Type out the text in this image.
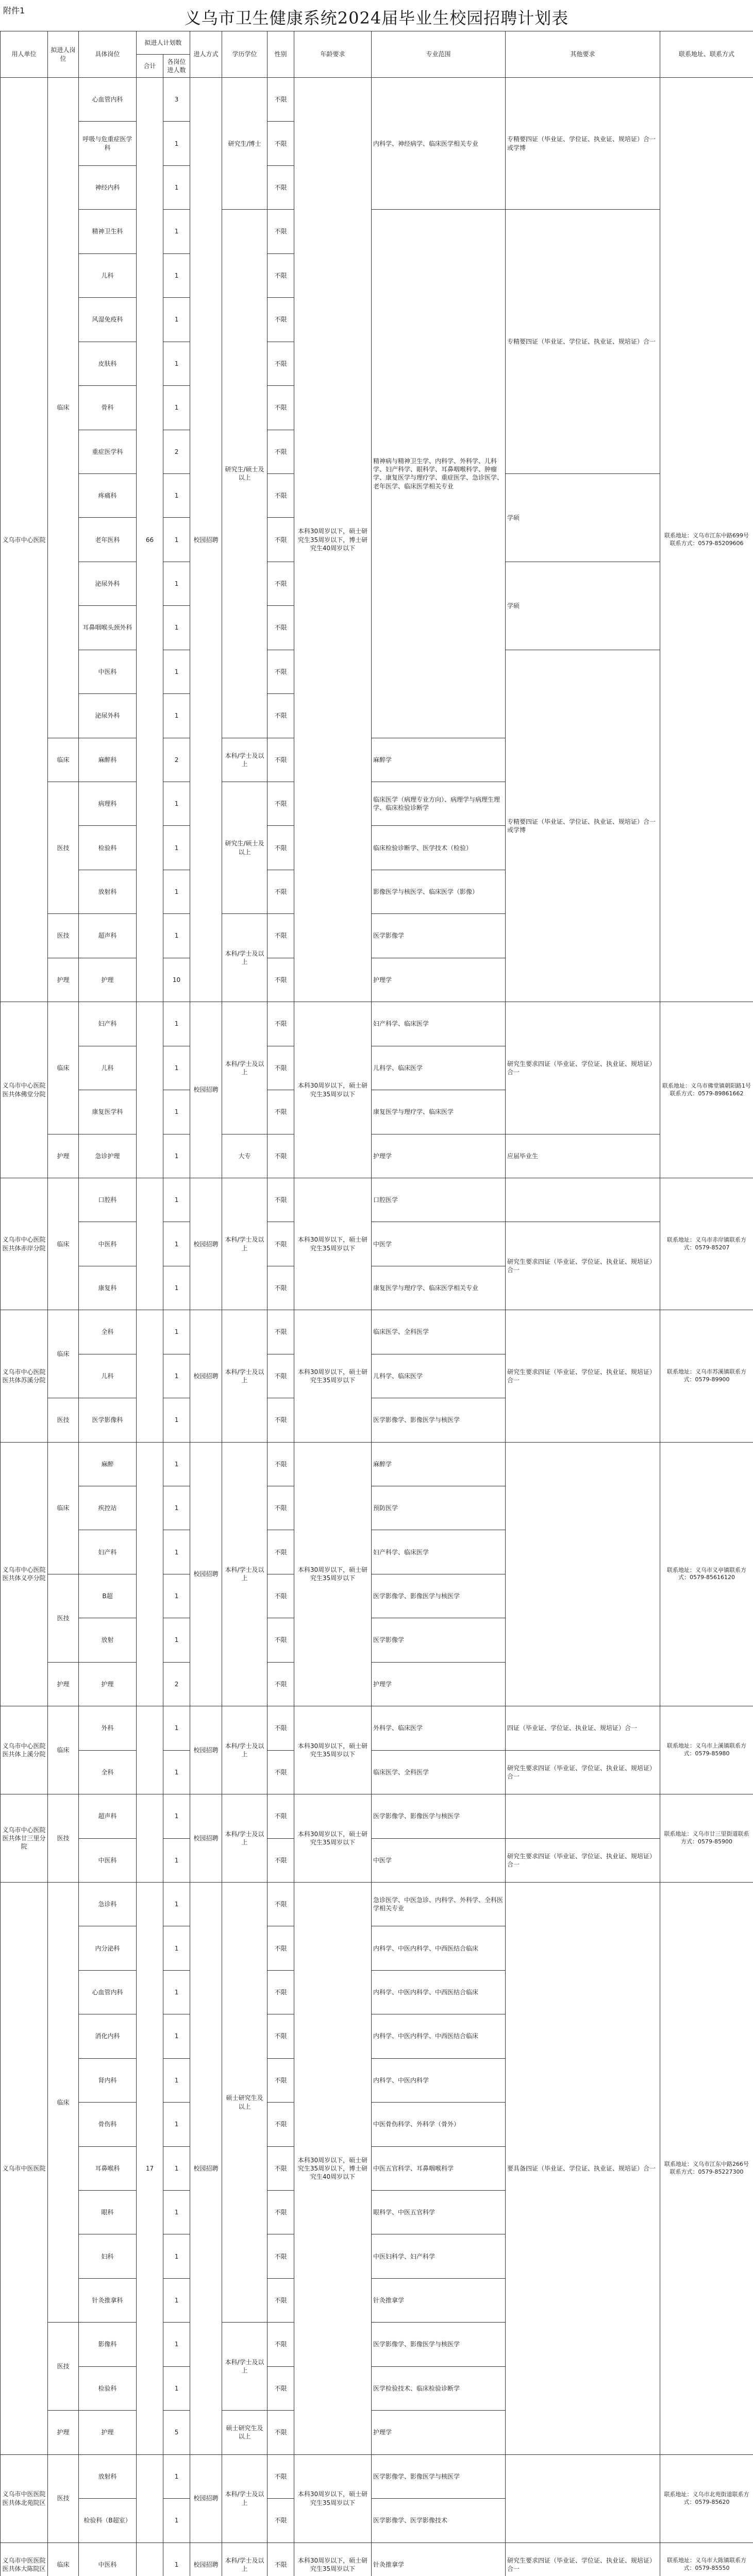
附件1	义乌市卫生健康系统2024届毕业生校园招聘计划表
用人单位	拟进人岗位	具体岗位	拟进人计划数		进人方式	学历学位	性别	年龄要求	专业范围	其他要求	联系地址、联系方式
			合计	各岗位进人数							
义乌市中心医院	临床	心血管内科	66	3	校园招聘	研究生/博士	不限	本科30周岁以下，硕士研究生35周岁以下，博士研究生40周岁以下	内科学、神经病学、临床医学相关专业	专精要四证（毕业证、学位证、执业证、规培证）合一或学博	联系地址：义乌市江东中路699号联系方式：0579-85209606
		呼吸与危重症医学科		1			不限				
		神经内科		1			不限				
		精神卫生科		1		研究生/硕士及以上	不限		精神病与精神卫生学、内科学、外科学、儿科学、妇产科学、眼科学、耳鼻咽喉科学、肿瘤学、康复医学与理疗学、重症医学、急诊医学、老年医学、临床医学相关专业	专精要四证（毕业证、学位证、执业证、规培证）合一	
		儿科		1			不限				
		风湿免疫科		1			不限				
		皮肤科		1			不限				
		骨科		1			不限				
		重症医学科		2			不限				
		疼痛科		1			不限			学硕	
		老年医科		1			不限				
		泌尿外科		1			不限			学硕	
		耳鼻咽喉头颈外科		1			不限				
		中医科		1			不限			专精要四证（毕业证、学位证、执业证、规培证）合一或学博	
		泌尿外科		1			不限				
	临床	麻醉科		2		本科/学士及以上	不限		麻醉学		
	医技	病理科		1		研究生/硕士及以上	不限		临床医学（病理专业方向）、病理学与病理生理学、临床检验诊断学		
		检验科		1			不限		临床检验诊断学、医学技术（检验）		
		放射科		1			不限		影像医学与核医学、临床医学（影像）		
	医技	超声科		1		本科/学士及以上	不限		医学影像学		
	护理	护理		10			不限		护理学		
义乌市中心医院医共体佛堂分院	临床	妇产科		1	校园招聘	本科/学士及以上	不限	本科30周岁以下，硕士研究生35周岁以下	妇产科学、临床医学	研究生要求四证（毕业证、学位证、执业证、规培证）合一	联系地址：义乌市佛堂镇朝阳路1号联系方式：0579-89861662
		儿科		1			不限		儿科学、临床医学		
		康复医学科		1			不限		康复医学与理疗学、临床医学		
	护理	急诊护理		1		大专	不限		护理学	应届毕业生	
义乌市中心医院医共体赤岸分院	临床	口腔科		1	校园招聘	本科/学士及以上	不限	本科30周岁以下，硕士研究生35周岁以下	口腔医学		联系地址：义乌市赤岸镇联系方式：0579-85207
		中医科		1			不限		中医学	研究生要求四证（毕业证、学位证、执业证、规培证）合一	
		康复科		1			不限		康复医学与理疗学、临床医学相关专业		
义乌市中心医院医共体苏溪分院	临床	全科		1	校园招聘	本科/学士及以上	不限	本科30周岁以下，硕士研究生35周岁以下	临床医学、全科医学	研究生要求四证（毕业证、学位证、执业证、规培证）合一	联系地址：义乌市苏溪镇联系方式：0579-89900
		儿科		1			不限		儿科学、临床医学		
	医技	医学影像科		1			不限		医学影像学、影像医学与核医学		
义乌市中心医院医共体义亭分院	临床	麻醉		1	校园招聘	本科/学士及以上	不限	本科30周岁以下，硕士研究生35周岁以下	麻醉学		联系地址：义乌市义亭镇联系方式：0579-85616120
		疾控站		1			不限		预防医学		
		妇产科		1			不限		妇产科学、临床医学		
	医技	B超		1			不限		医学影像学、影像医学与核医学		
		放射		1			不限		医学影像学		
	护理	护理		2			不限		护理学		
义乌市中心医院医共体上溪分院	临床	外科		1	校园招聘	本科/学士及以上	不限	本科30周岁以下，硕士研究生35周岁以下	外科学、临床医学	四证（毕业证、学位证、执业证、规培证）合一	联系地址：义乌市上溪镇联系方式：0579-85980
		全科		1			不限		临床医学、全科医学	研究生要求四证（毕业证、学位证、执业证、规培证）合一	
义乌市中心医院医共体廿三里分院	医技	超声科		1	校园招聘	本科/学士及以上	不限	本科30周岁以下，硕士研究生35周岁以下	医学影像学、影像医学与核医学		联系地址：义乌市廿三里街道联系方式：0579-85900
		中医科		1			不限		中医学	研究生要求四证（毕业证、学位证、执业证、规培证）合一	
义乌市中医医院	临床	急诊科	17	1	校园招聘	硕士研究生及以上	不限	本科30周岁以下，硕士研究生35周岁以下，博士研究生40周岁以下	急诊医学、中医急诊、内科学、外科学、全科医学相关专业	要具备四证（毕业证、学位证、执业证、规培证）合一	联系地址：义乌市江东中路266号联系方式：0579-85227300
		内分泌科		1			不限		内科学、中医内科学、中西医结合临床		
		心血管内科		1			不限		内科学、中医内科学、中西医结合临床		
		消化内科		1			不限		内科学、中医内科学、中西医结合临床		
		肾内科		1			不限		内科学、中医内科学		
		骨伤科		1			不限		中医骨伤科学、外科学（骨外）		
		耳鼻喉科		1			不限		中医五官科学、耳鼻咽喉科学		
		眼科		1			不限		眼科学、中医五官科学		
		妇科		1			不限		中医妇科学、妇产科学		
		针灸推拿科		1			不限		针灸推拿学		
	医技	影像科		1		本科/学士及以上	不限		医学影像学、影像医学与核医学		
		检验科		1			不限		医学检验技术、临床检验诊断学		
	护理	护理		5		硕士研究生及以上	不限		护理学		
义乌市中医医院医共体北苑院区	医技	放射科		1	校园招聘	本科/学士及以上	不限	本科30周岁以下，硕士研究生35周岁以下	医学影像学、影像医学与核医学		联系地址：义乌市北苑街道联系方式：0579-85620
		检验科（B超室）		1			不限		医学影像学、医学影像技术		
义乌市中医医院医共体大陈院区	临床	中医科		1	校园招聘	本科/学士及以上	不限	本科30周岁以下，硕士研究生35周岁以下	针灸推拿学	研究生要求四证（毕业证、学位证、执业证、规培证）合一	联系地址：义乌市大陈镇联系方式：0579-85550
